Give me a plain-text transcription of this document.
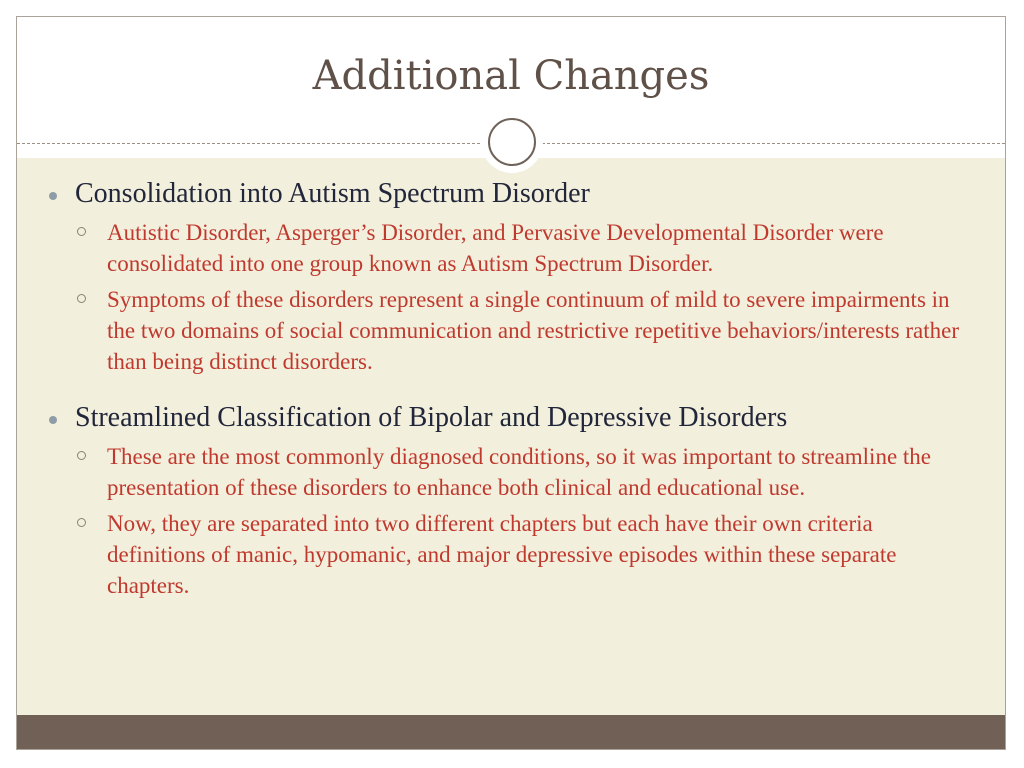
Additional Changes
Consolidation into Autism Spectrum Disorder
Autistic Disorder, Asperger’s Disorder, and Pervasive Developmental Disorder were consolidated into one group known as Autism Spectrum Disorder.
Symptoms of these disorders represent a single continuum of mild to severe impairments in the two domains of social communication and restrictive repetitive behaviors/interests rather than being distinct disorders.
Streamlined Classification of Bipolar and Depressive Disorders
These are the most commonly diagnosed conditions, so it was important to streamline the presentation of these disorders to enhance both clinical and educational use.
Now, they are separated into two different chapters but each have their own criteria definitions of manic, hypomanic, and major depressive episodes within these separate chapters.
